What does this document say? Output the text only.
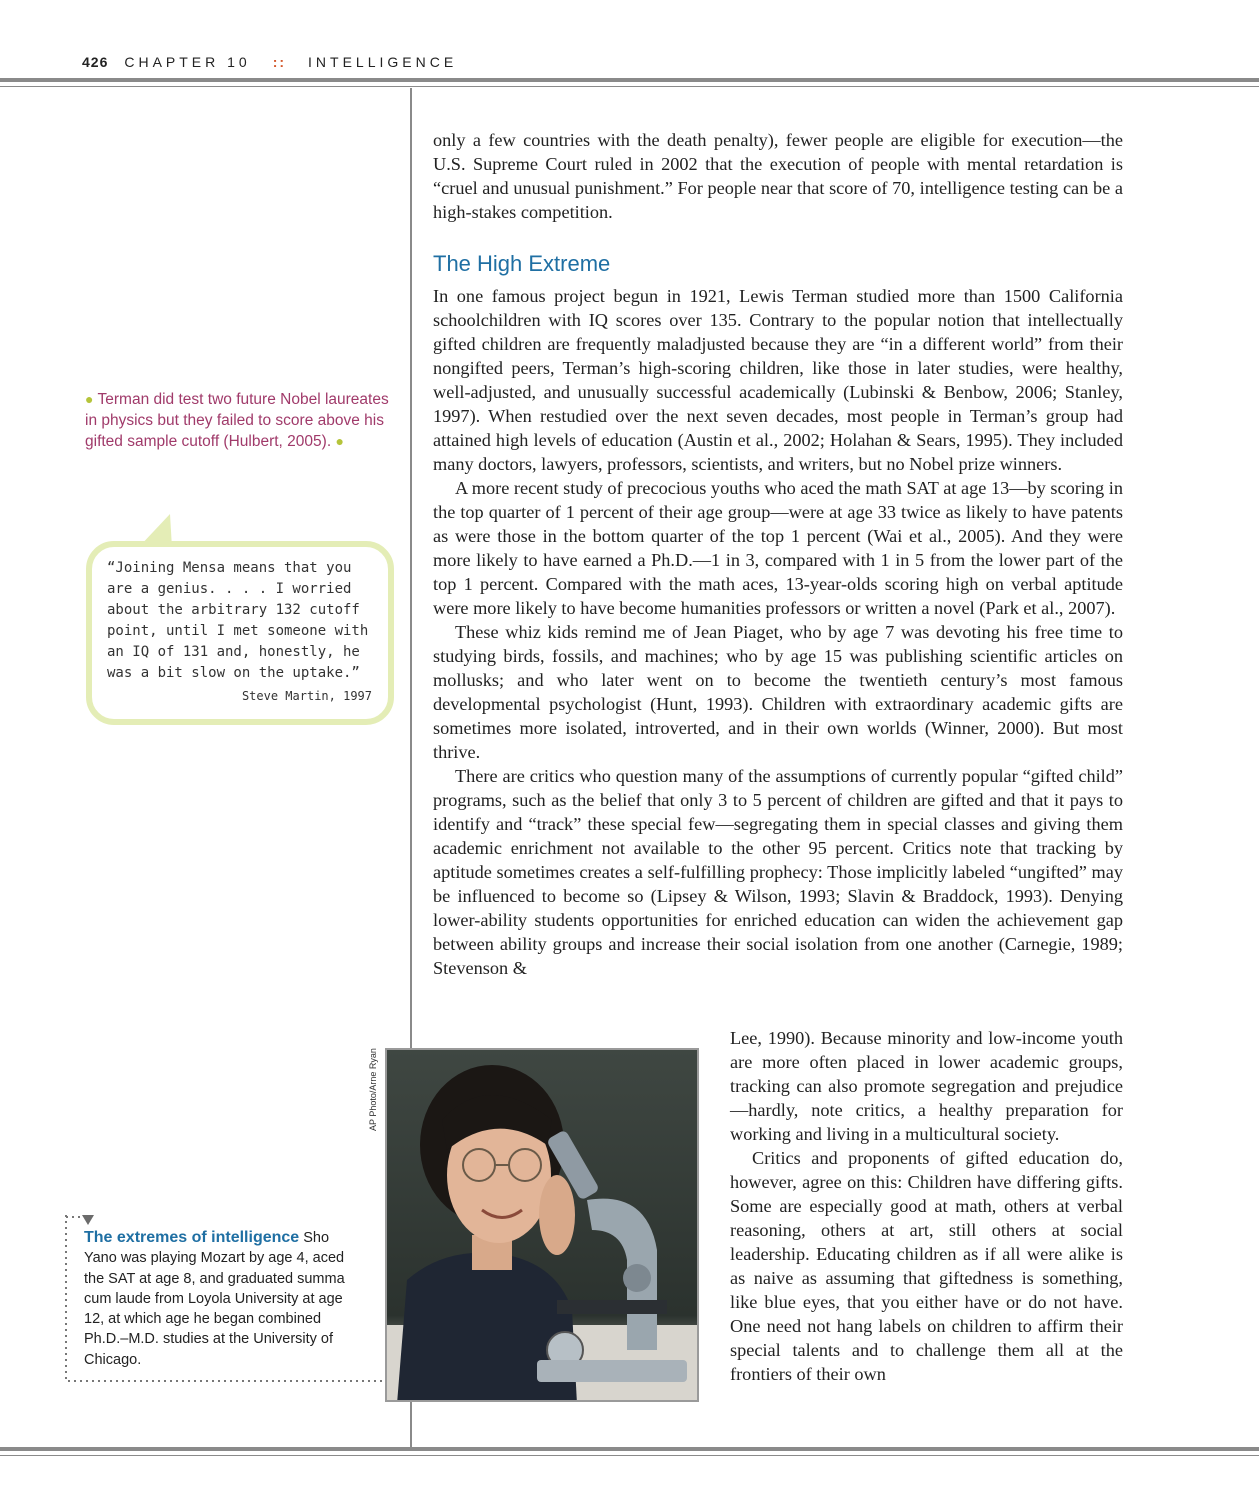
426 CHAPTER 10 :: INTELLIGENCE

only a few countries with the death penalty), fewer people are eligible for execution—the U.S. Supreme Court ruled in 2002 that the execution of people with mental retardation is “cruel and unusual punishment.” For people near that score of 70, intelligence testing can be a high-stakes competition.

The High Extreme

In one famous project begun in 1921, Lewis Terman studied more than 1500 California schoolchildren with IQ scores over 135. Contrary to the popular notion that intellectually gifted children are frequently maladjusted because they are “in a different world” from their nongifted peers, Terman’s high-scoring children, like those in later studies, were healthy, well-adjusted, and unusually successful academically (Lubinski & Benbow, 2006; Stanley, 1997). When restudied over the next seven decades, most people in Terman’s group had attained high levels of education (Austin et al., 2002; Holahan & Sears, 1995). They included many doctors, lawyers, professors, scientists, and writers, but no Nobel prize winners.

A more recent study of precocious youths who aced the math SAT at age 13—by scoring in the top quarter of 1 percent of their age group—were at age 33 twice as likely to have patents as were those in the bottom quarter of the top 1 percent (Wai et al., 2005). And they were more likely to have earned a Ph.D.—1 in 3, compared with 1 in 5 from the lower part of the top 1 percent. Compared with the math aces, 13-year-olds scoring high on verbal aptitude were more likely to have become humanities professors or written a novel (Park et al., 2007).

These whiz kids remind me of Jean Piaget, who by age 7 was devoting his free time to studying birds, fossils, and machines; who by age 15 was publishing scientific articles on mollusks; and who later went on to become the twentieth century’s most famous developmental psychologist (Hunt, 1993). Children with extraordinary academic gifts are sometimes more isolated, introverted, and in their own worlds (Winner, 2000). But most thrive.

There are critics who question many of the assumptions of currently popular “gifted child” programs, such as the belief that only 3 to 5 percent of children are gifted and that it pays to identify and “track” these special few—segregating them in special classes and giving them academic enrichment not available to the other 95 percent. Critics note that tracking by aptitude sometimes creates a self-fulfilling prophecy: Those implicitly labeled “ungifted” may be influenced to become so (Lipsey & Wilson, 1993; Slavin & Braddock, 1993). Denying lower-ability students opportunities for enriched education can widen the achievement gap between ability groups and increase their social isolation from one another (Carnegie, 1989; Stevenson &

Lee, 1990). Because minority and low-income youth are more often placed in lower academic groups, tracking can also promote segregation and prejudice—hardly, note critics, a healthy preparation for working and living in a multicultural society.

Critics and proponents of gifted education do, however, agree on this: Children have differing gifts. Some are especially good at math, others at verbal reasoning, others at art, still others at social leadership. Educating children as if all were alike is as naive as assuming that giftedness is something, like blue eyes, that you either have or do not have. One need not hang labels on children to affirm their special talents and to challenge them all at the frontiers of their own

● Terman did test two future Nobel laureates in physics but they failed to score above his gifted sample cutoff (Hulbert, 2005). ●
“Joining Mensa means that you are a genius. . . . I worried about the arbitrary 132 cutoff point, until I met someone with an IQ of 131 and, honestly, he was a bit slow on the uptake.”
Steve Martin, 1997
AP Photo/Arne Ryan
The extremes of intelligence Sho Yano was playing Mozart by age 4, aced the SAT at age 8, and graduated summa cum laude from Loyola University at age 12, at which age he began combined Ph.D.–M.D. studies at the University of Chicago.
